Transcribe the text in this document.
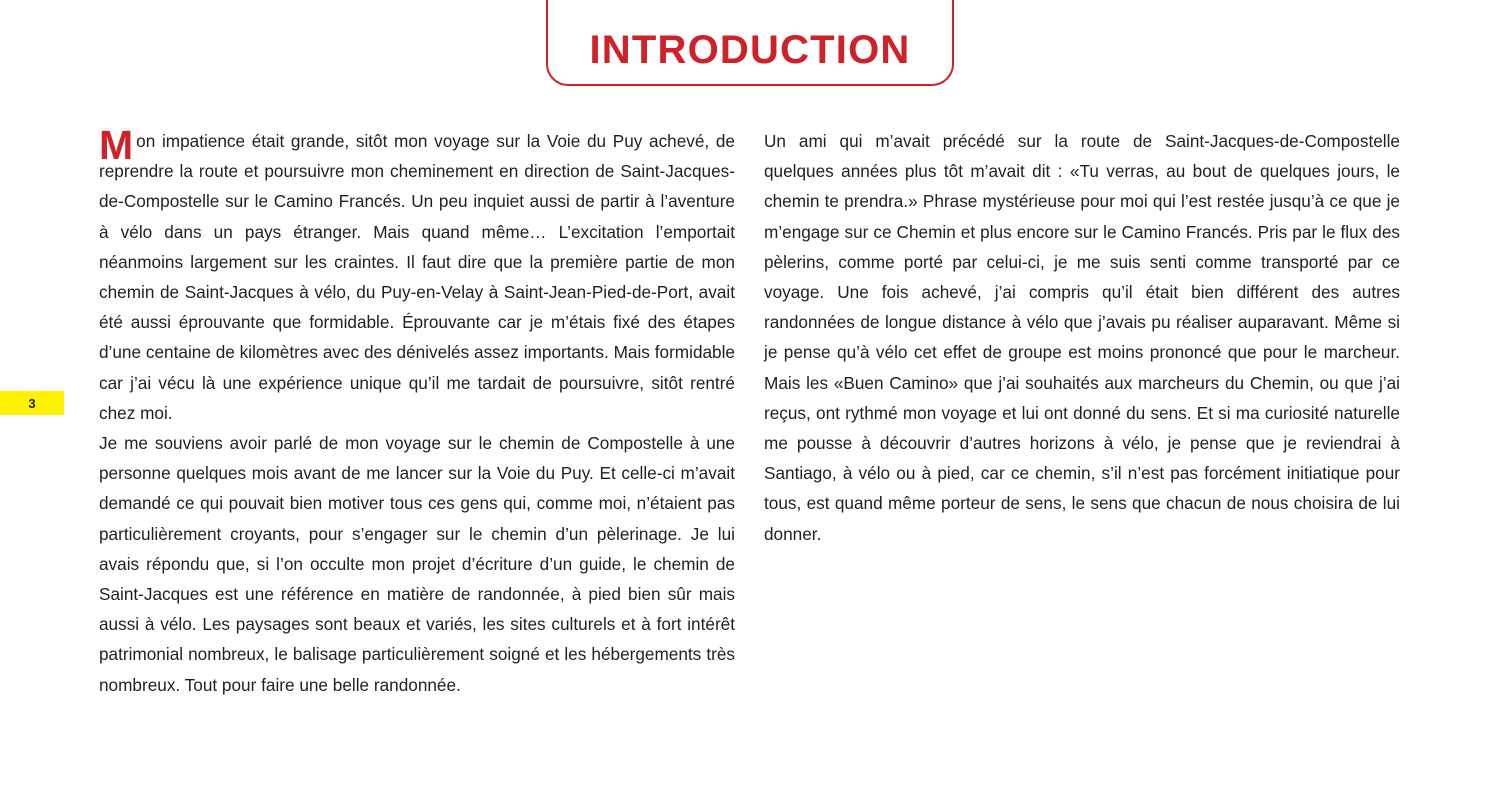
INTRODUCTION
3

Mon impatience était grande, sitôt mon voyage sur la Voie du Puy achevé, de reprendre la route et poursuivre mon cheminement en direction de Saint-Jacques-de-Compostelle sur le Camino Francés. Un peu inquiet aussi de partir à l’aventure à vélo dans un pays étranger. Mais quand même… L’excitation l’emportait néanmoins largement sur les craintes. Il faut dire que la première partie de mon chemin de Saint-Jacques à vélo, du Puy-en-Velay à Saint-Jean-Pied-de-Port, avait été aussi éprouvante que formidable. Éprouvante car je m’étais fixé des étapes d’une centaine de kilomètres avec des dénivelés assez importants. Mais formidable car j’ai vécu là une expérience unique qu’il me tardait de poursuivre, sitôt rentré chez moi.

Je me souviens avoir parlé de mon voyage sur le chemin de Compostelle à une personne quelques mois avant de me lancer sur la Voie du Puy. Et celle-ci m’avait demandé ce qui pouvait bien motiver tous ces gens qui, comme moi, n’étaient pas particulièrement croyants, pour s’engager sur le chemin d’un pèlerinage. Je lui avais répondu que, si l’on occulte mon projet d’écriture d’un guide, le chemin de Saint-Jacques est une référence en matière de randonnée, à pied bien sûr mais aussi à vélo. Les paysages sont beaux et variés, les sites culturels et à fort intérêt patrimonial nombreux, le balisage particulièrement soigné et les hébergements très nombreux. Tout pour faire une belle randonnée.

Un ami qui m’avait précédé sur la route de Saint-Jacques-de-Compostelle quelques années plus tôt m’avait dit : «Tu verras, au bout de quelques jours, le chemin te prendra.» Phrase mystérieuse pour moi qui l’est restée jusqu’à ce que je m’engage sur ce Chemin et plus encore sur le Camino Francés. Pris par le flux des pèlerins, comme porté par celui-ci, je me suis senti comme transporté par ce voyage. Une fois achevé, j’ai compris qu’il était bien différent des autres randonnées de longue distance à vélo que j’avais pu réaliser auparavant. Même si je pense qu’à vélo cet effet de groupe est moins prononcé que pour le marcheur. Mais les «Buen Camino» que j’ai souhaités aux marcheurs du Chemin, ou que j’ai reçus, ont rythmé mon voyage et lui ont donné du sens. Et si ma curiosité naturelle me pousse à découvrir d’autres horizons à vélo, je pense que je reviendrai à Santiago, à vélo ou à pied, car ce chemin, s’il n’est pas forcément initiatique pour tous, est quand même porteur de sens, le sens que chacun de nous choisira de lui donner.
